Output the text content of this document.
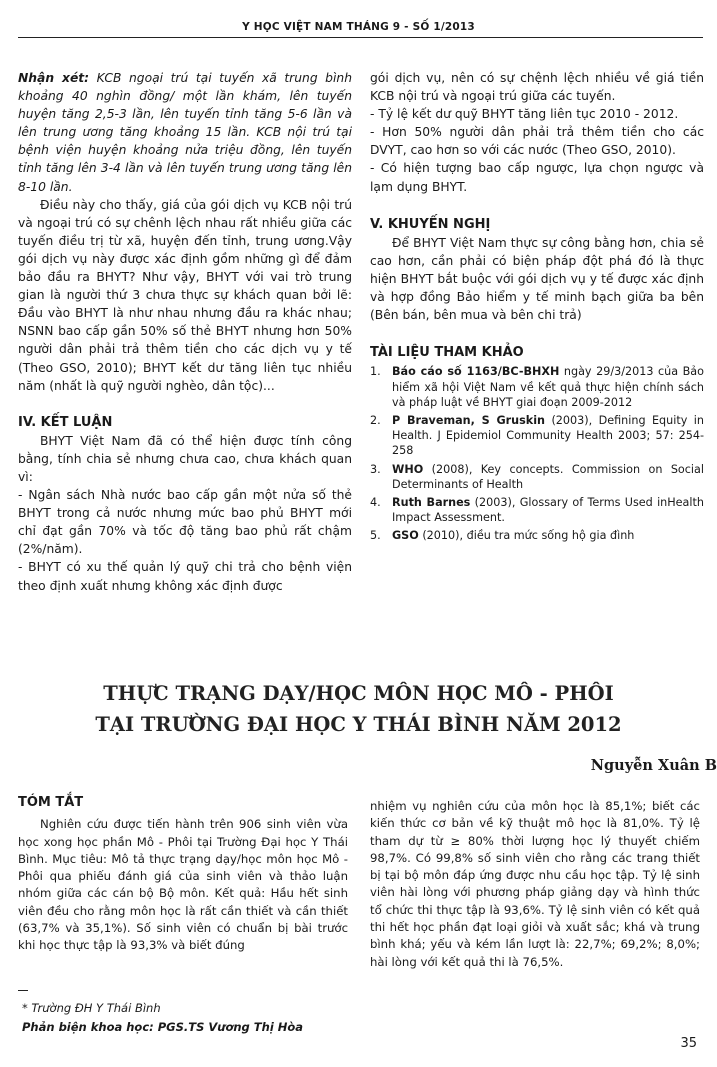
Y HỌC VIỆT NAM THÁNG 9 - SỐ 1/2013

Nhận xét: KCB ngoại trú tại tuyến xã trung bình khoảng 40 nghìn đồng/ một lần khám, lên tuyến huyện tăng 2,5-3 lần, lên tuyến tỉnh tăng 5-6 lần và lên trung ương tăng khoảng 15 lần. KCB nội trú tại bệnh viện huyện khoảng nửa triệu đồng, lên tuyến tỉnh tăng lên 3-4 lần và lên tuyến trung ương tăng lên 8-10 lần.

Điều này cho thấy, giá của gói dịch vụ KCB nội trú và ngoại trú có sự chênh lệch nhau rất nhiều giữa các tuyến điều trị từ xã, huyện đến tỉnh, trung ương.Vậy gói dịch vụ này được xác định gồm những gì để đảm bảo đầu ra BHYT? Như vậy, BHYT với vai trò trung gian là người thứ 3 chưa thực sự khách quan bởi lẽ: Đầu vào BHYT là như nhau nhưng đầu ra khác nhau; NSNN bao cấp gần 50% số thẻ BHYT nhưng hơn 50% người dân phải trả thêm tiền cho các dịch vụ y tế (Theo GSO, 2010); BHYT kết dư tăng liên tục nhiều năm (nhất là quỹ người nghèo, dân tộc)...

IV. KẾT LUẬN

BHYT Việt Nam đã có thể hiện được tính công bằng, tính chia sẻ nhưng chưa cao, chưa khách quan vì:

- Ngân sách Nhà nước bao cấp gần một nửa số thẻ BHYT trong cả nước nhưng mức bao phủ BHYT mới chỉ đạt gần 70% và tốc độ tăng bao phủ rất chậm (2%/năm).

- BHYT có xu thế quản lý quỹ chi trả cho bệnh viện theo định xuất nhưng không xác định được

gói dịch vụ, nên có sự chệnh lệch nhiều về giá tiền KCB nội trú và ngoại trú giữa các tuyến.

- Tỷ lệ kết dư quỹ BHYT tăng liên tục 2010 - 2012.

- Hơn 50% người dân phải trả thêm tiền cho các DVYT, cao hơn so với các nước (Theo GSO, 2010).

- Có hiện tượng bao cấp ngược, lựa chọn ngược và lạm dụng BHYT.

V. KHUYẾN NGHỊ

Để BHYT Việt Nam thực sự công bằng hơn, chia sẻ cao hơn, cần phải có biện pháp đột phá đó là thực hiện BHYT bắt buộc với gói dịch vụ y tế được xác định và hợp đồng Bảo hiểm y tế minh bạch giữa ba bên (Bên bán, bên mua và bên chi trả)

TÀI LIỆU THAM KHẢO

1. Báo cáo số 1163/BC-BHXH ngày 29/3/2013 của Bảo hiểm xã hội Việt Nam về kết quả thực hiện chính sách và pháp luật về BHYT giai đoạn 2009-2012
2. P Braveman, S Gruskin (2003), Defining Equity in Health. J Epidemiol Community Health 2003; 57: 254-258
3. WHO (2008), Key concepts. Commission on Social Determinants of Health
4. Ruth Barnes (2003), Glossary of Terms Used inHealth Impact Assessment.
5. GSO (2010), điều tra mức sống hộ gia đình
THỰC TRẠNG DẠY/HỌC MÔN HỌC MÔ - PHÔI
TẠI TRƯỜNG ĐẠI HỌC Y THÁI BÌNH NĂM 2012
Nguyễn Xuân B

TÓM TẮT

Nghiên cứu được tiến hành trên 906 sinh viên vừa học xong học phần Mô - Phôi tại Trường Đại học Y Thái Bình. Mục tiêu: Mô tả thực trạng dạy/học môn học Mô - Phôi qua phiếu đánh giá của sinh viên và thảo luận nhóm giữa các cán bộ Bộ môn. Kết quả: Hầu hết sinh viên đều cho rằng môn học là rất cần thiết và cần thiết (63,7% và 35,1%). Số sinh viên có chuẩn bị bài trước khi học thực tập là 93,3% và biết đúng

nhiệm vụ nghiên cứu của môn học là 85,1%; biết các kiến thức cơ bản về kỹ thuật mô học là 81,0%. Tỷ lệ tham dự từ ≥ 80% thời lượng học lý thuyết chiếm 98,7%. Có 99,8% số sinh viên cho rằng các trang thiết bị tại bộ môn đáp ứng được nhu cầu học tập. Tỷ lệ sinh viên hài lòng với phương pháp giảng dạy và hình thức tổ chức thi thực tập là 93,6%. Tỷ lệ sinh viên có kết quả thi hết học phần đạt loại giỏi và xuất sắc; khá và trung bình khá; yếu và kém lần lượt là: 22,7%; 69,2%; 8,0%; hài lòng với kết quả thi là 76,5%.

* Trường ĐH Y Thái Bình
Phản biện khoa học: PGS.TS Vương Thị Hòa
35
